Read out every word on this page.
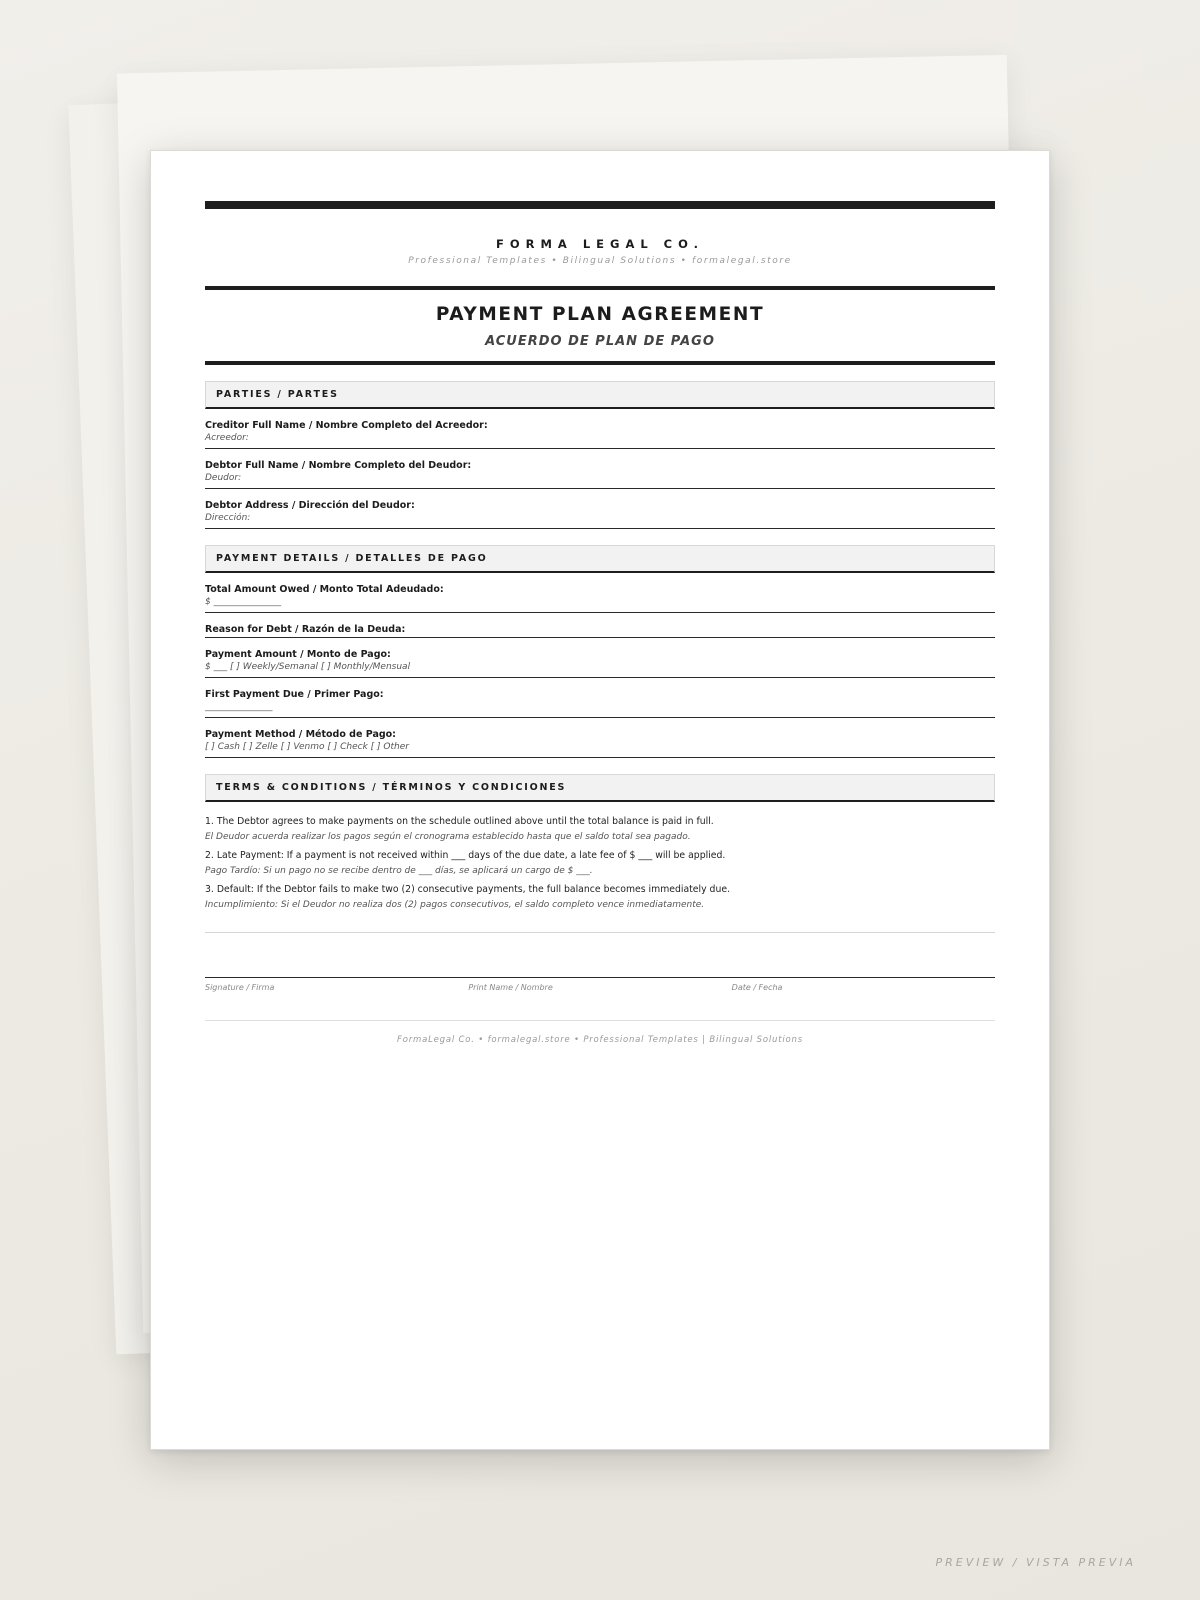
FORMA LEGAL CO.
Professional Templates • Bilingual Solutions • formalegal.store
PAYMENT PLAN AGREEMENT
ACUERDO DE PLAN DE PAGO
PARTIES / PARTES
Creditor Full Name / Nombre Completo del Acreedor:
Acreedor:
Debtor Full Name / Nombre Completo del Deudor:
Deudor:
Debtor Address / Dirección del Deudor:
Dirección:
PAYMENT DETAILS / DETALLES DE PAGO
Total Amount Owed / Monto Total Adeudado:
$ _______________
Reason for Debt / Razón de la Deuda:
Payment Amount / Monto de Pago:
$ ___ [ ] Weekly/Semanal [ ] Monthly/Mensual
First Payment Due / Primer Pago:
_______________
Payment Method / Método de Pago:
[ ] Cash [ ] Zelle [ ] Venmo [ ] Check [ ] Other
TERMS & CONDITIONS / TÉRMINOS Y CONDICIONES
1. The Debtor agrees to make payments on the schedule outlined above until the total balance is paid in full.
El Deudor acuerda realizar los pagos según el cronograma establecido hasta que el saldo total sea pagado.
2. Late Payment: If a payment is not received within ___ days of the due date, a late fee of $ ___ will be applied.
Pago Tardío: Si un pago no se recibe dentro de ___ días, se aplicará un cargo de $ ___.
3. Default: If the Debtor fails to make two (2) consecutive payments, the full balance becomes immediately due.
Incumplimiento: Si el Deudor no realiza dos (2) pagos consecutivos, el saldo completo vence inmediatamente.
Signature / Firma	Print Name / Nombre	Date / Fecha
FormaLegal Co. • formalegal.store • Professional Templates | Bilingual Solutions
PREVIEW / VISTA PREVIA
